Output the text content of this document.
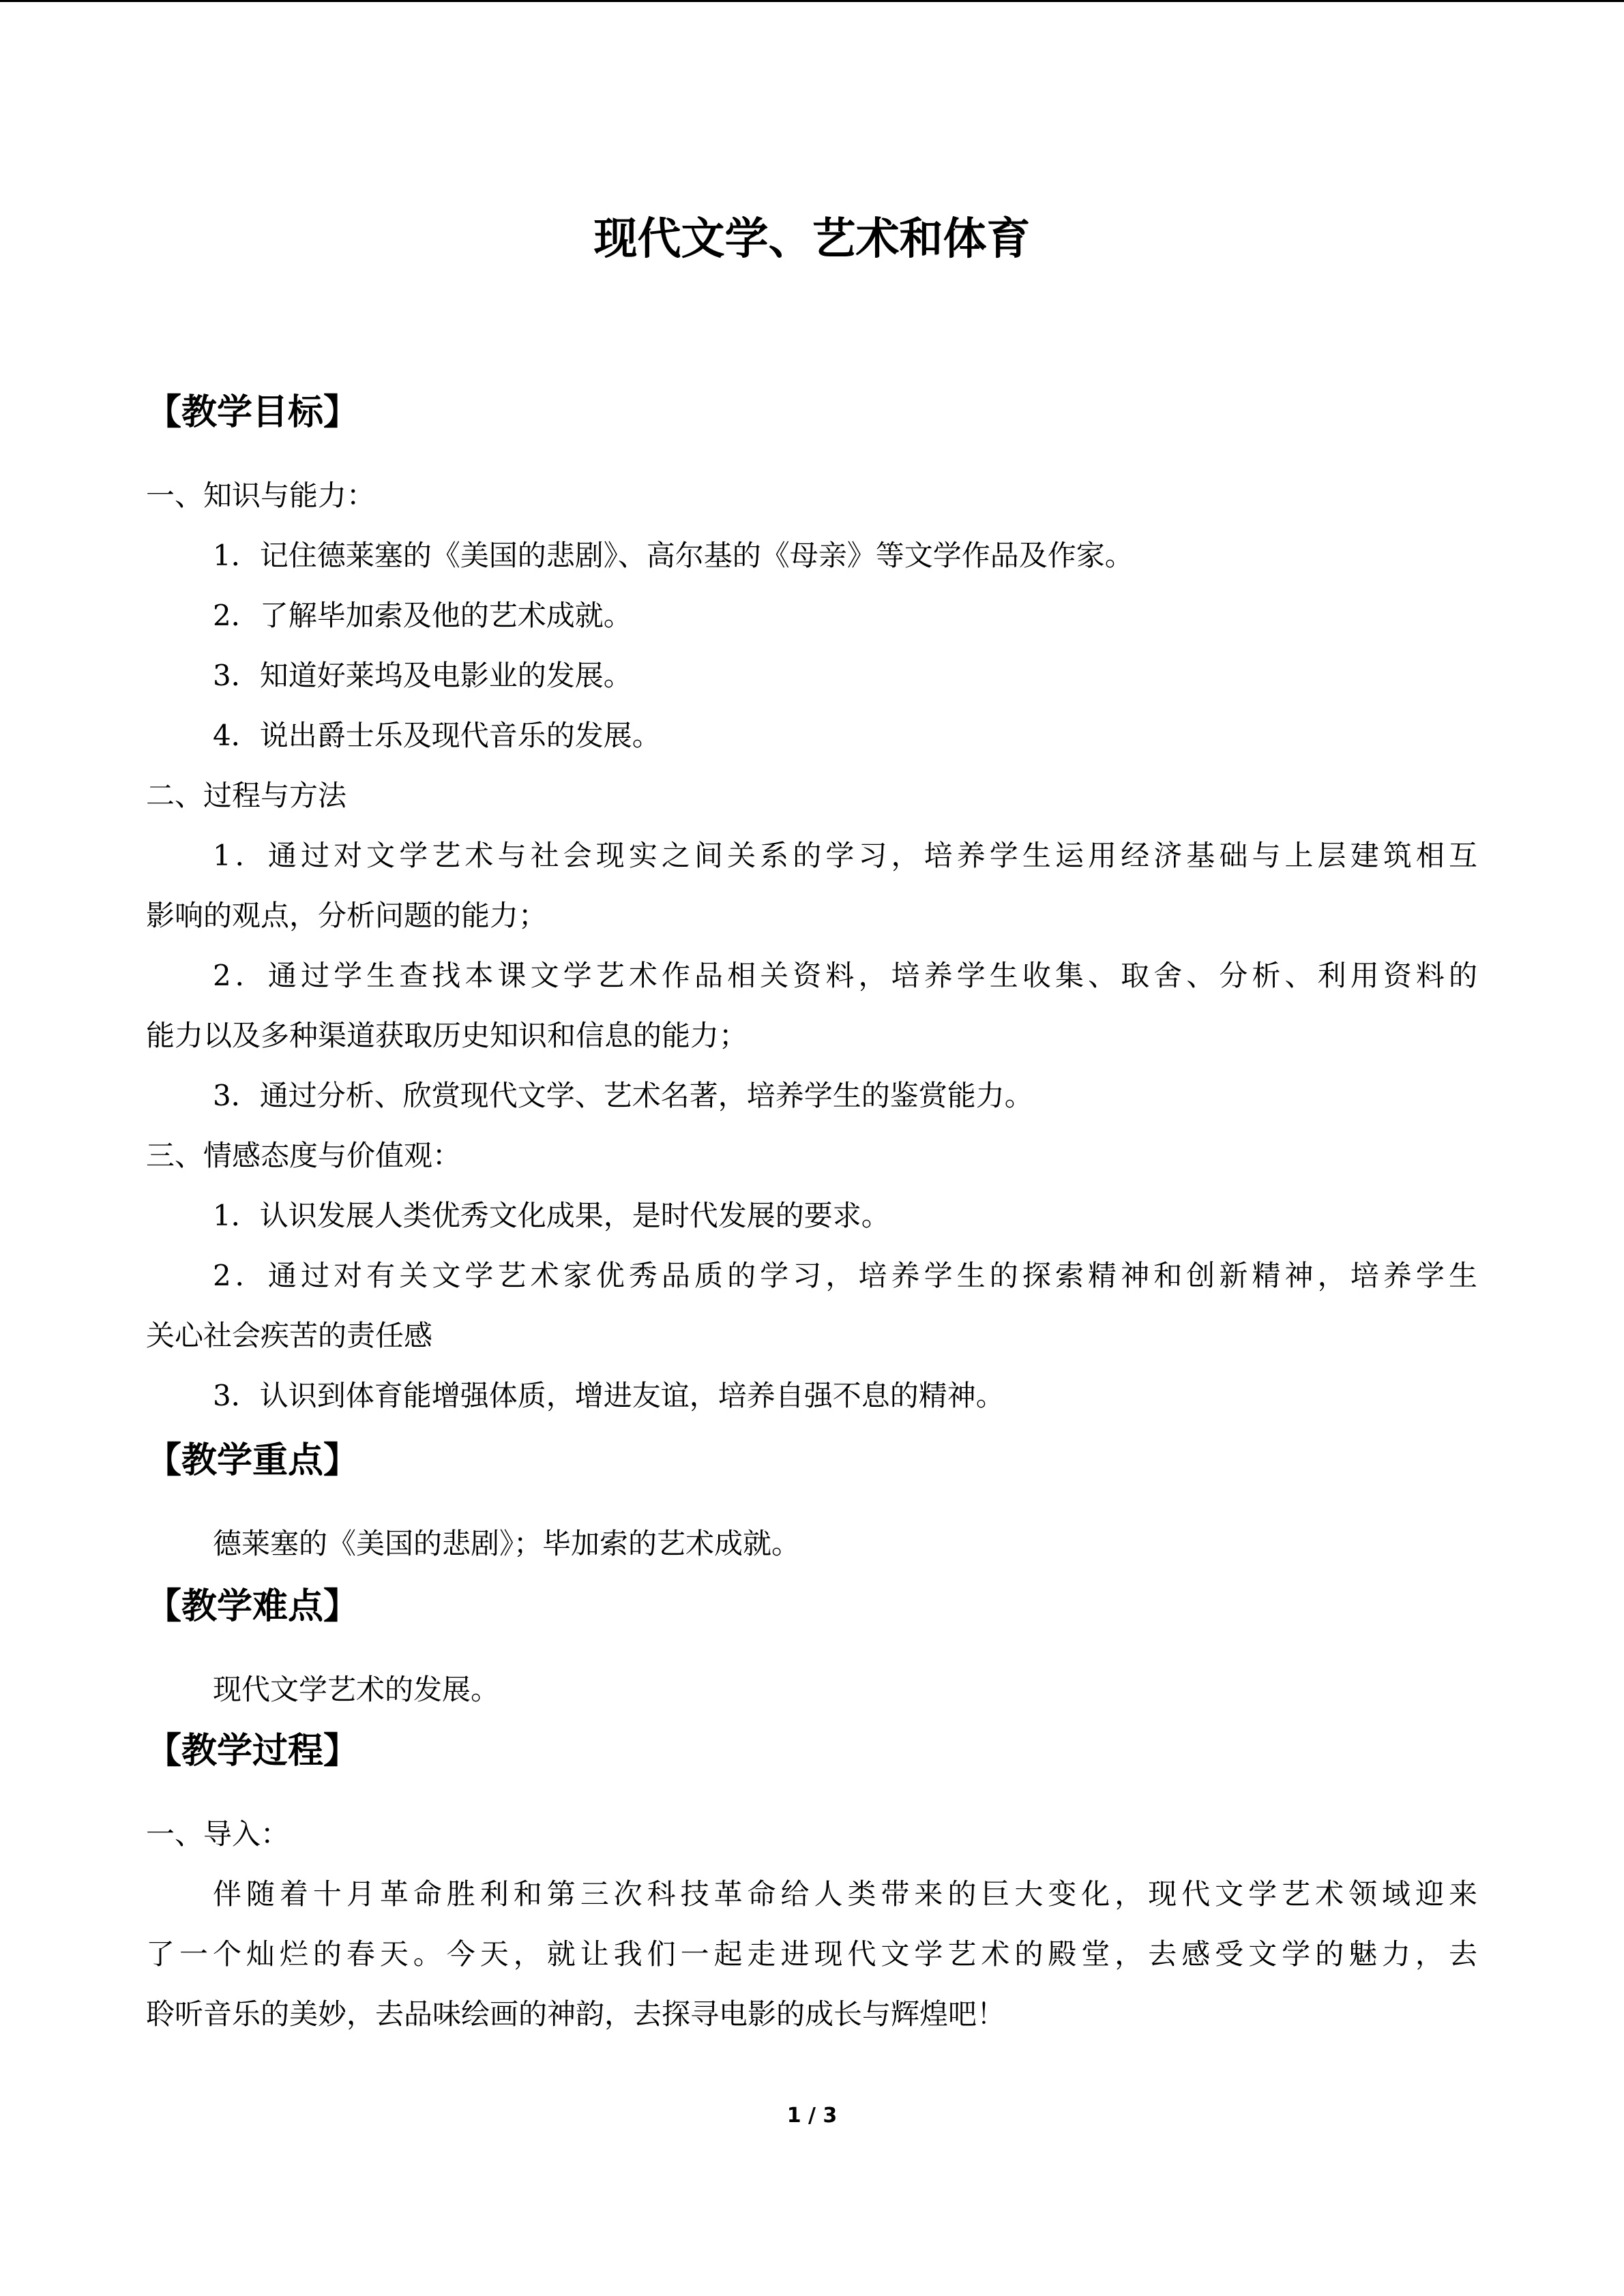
现代文学、艺术和体育
【教学目标】

一、知识与能力：

1．记住德莱塞的《美国的悲剧》、高尔基的《母亲》等文学作品及作家。

2．了解毕加索及他的艺术成就。

3．知道好莱坞及电影业的发展。

4．说出爵士乐及现代音乐的发展。

二、过程与方法

1．通过对文学艺术与社会现实之间关系的学习，培养学生运用经济基础与上层建筑相互

影响的观点，分析问题的能力；

2．通过学生查找本课文学艺术作品相关资料，培养学生收集、取舍、分析、利用资料的

能力以及多种渠道获取历史知识和信息的能力；

3．通过分析、欣赏现代文学、艺术名著，培养学生的鉴赏能力。

三、情感态度与价值观：

1．认识发展人类优秀文化成果，是时代发展的要求。

2．通过对有关文学艺术家优秀品质的学习，培养学生的探索精神和创新精神，培养学生

关心社会疾苦的责任感

3．认识到体育能增强体质，增进友谊，培养自强不息的精神。

【教学重点】

德莱塞的《美国的悲剧》；毕加索的艺术成就。

【教学难点】

现代文学艺术的发展。

【教学过程】

一、导入：

伴随着十月革命胜利和第三次科技革命给人类带来的巨大变化，现代文学艺术领域迎来

了一个灿烂的春天。今天，就让我们一起走进现代文学艺术的殿堂，去感受文学的魅力，去

聆听音乐的美妙，去品味绘画的神韵，去探寻电影的成长与辉煌吧！

1 / 3
